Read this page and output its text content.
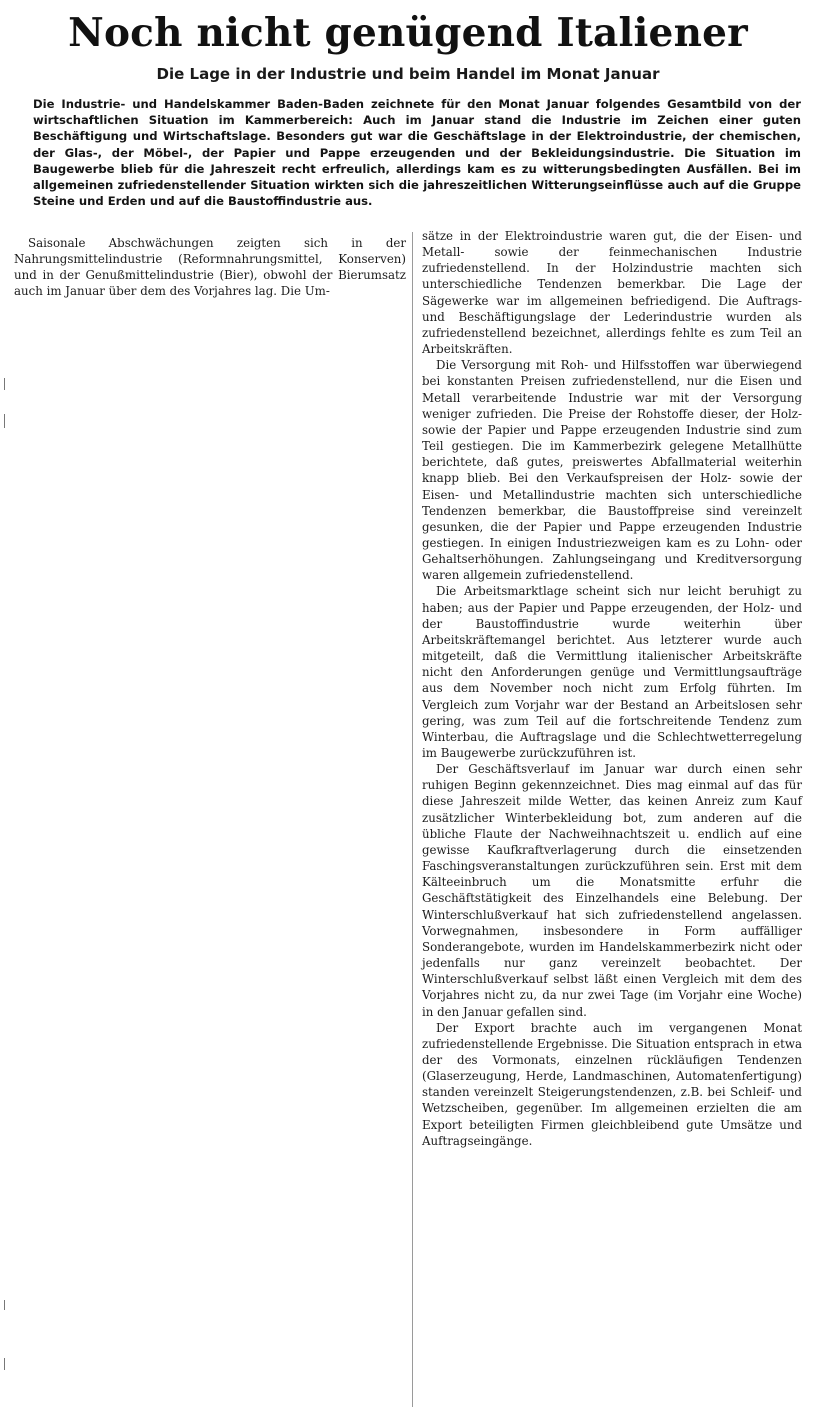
Noch nicht genügend Italiener
Die Lage in der Industrie und beim Handel im Monat Januar

Die Industrie- und Handelskammer Baden-Baden zeichnete für den Monat Januar folgendes Gesamtbild von der wirtschaftlichen Situation im Kammerbereich: Auch im Januar stand die Industrie im Zeichen einer guten Beschäftigung und Wirtschaftslage. Besonders gut war die Geschäftslage in der Elektroindustrie, der chemischen, der Glas-, der Möbel-, der Papier und Pappe erzeugenden und der Bekleidungsindustrie. Die Situation im Baugewerbe blieb für die Jahreszeit recht erfreulich, allerdings kam es zu witterungsbedingten Ausfällen. Bei im allgemeinen zufriedenstellender Situation wirkten sich die jahreszeitlichen Witterungseinflüsse auch auf die Gruppe Steine und Erden und auf die Baustoffindustrie aus.

Saisonale Abschwächungen zeigten sich in der Nahrungsmittelindustrie (Reformnahrungsmittel, Konserven) und in der Genußmittelindustrie (Bier), obwohl der Bierumsatz auch im Januar über dem des Vorjahres lag. Die Um-

sätze in der Elektroindustrie waren gut, die der Eisen- und Metall- sowie der feinmechanischen Industrie zufriedenstellend. In der Holzindustrie machten sich unterschiedliche Tendenzen bemerkbar. Die Lage der Sägewerke war im allgemeinen befriedigend. Die Auftrags- und Beschäftigungslage der Lederindustrie wurden als zufriedenstellend bezeichnet, allerdings fehlte es zum Teil an Arbeitskräften.

Die Versorgung mit Roh- und Hilfsstoffen war überwiegend bei konstanten Preisen zufriedenstellend, nur die Eisen und Metall verarbeitende Industrie war mit der Versorgung weniger zufrieden. Die Preise der Rohstoffe dieser, der Holz- sowie der Papier und Pappe erzeugenden Industrie sind zum Teil gestiegen. Die im Kammerbezirk gelegene Metallhütte berichtete, daß gutes, preiswertes Abfallmaterial weiterhin knapp blieb. Bei den Verkaufspreisen der Holz- sowie der Eisen- und Metallindustrie machten sich unterschiedliche Tendenzen bemerkbar, die Baustoffpreise sind vereinzelt gesunken, die der Papier und Pappe erzeugenden Industrie gestiegen. In einigen Industriezweigen kam es zu Lohn- oder Gehaltserhöhungen. Zahlungseingang und Kreditversorgung waren allgemein zufriedenstellend.

Die Arbeitsmarktlage scheint sich nur leicht beruhigt zu haben; aus der Papier und Pappe erzeugenden, der Holz- und der Baustoffindustrie wurde weiterhin über Arbeitskräftemangel berichtet. Aus letzterer wurde auch mitgeteilt, daß die Vermittlung italienischer Arbeitskräfte nicht den Anforderungen genüge und Vermittlungsaufträge aus dem November noch nicht zum Erfolg führten. Im Vergleich zum Vorjahr war der Bestand an Arbeitslosen sehr gering, was zum Teil auf die fortschreitende Tendenz zum Winterbau, die Auftragslage und die Schlechtwetterregelung im Baugewerbe zurückzuführen ist.

Der Geschäftsverlauf im Januar war durch einen sehr ruhigen Beginn gekennzeichnet. Dies mag einmal auf das für diese Jahreszeit milde Wetter, das keinen Anreiz zum Kauf zusätzlicher Winterbekleidung bot, zum anderen auf die übliche Flaute der Nachweihnachtszeit u. endlich auf eine gewisse Kaufkraftverlagerung durch die einsetzenden Faschingsveranstaltungen zurückzuführen sein. Erst mit dem Kälteeinbruch um die Monatsmitte erfuhr die Geschäftstätigkeit des Einzelhandels eine Belebung. Der Winterschlußverkauf hat sich zufriedenstellend angelassen. Vorwegnahmen, insbesondere in Form auffälliger Sonderangebote, wurden im Handelskammerbezirk nicht oder jedenfalls nur ganz vereinzelt beobachtet. Der Winterschlußverkauf selbst läßt einen Vergleich mit dem des Vorjahres nicht zu, da nur zwei Tage (im Vorjahr eine Woche) in den Januar gefallen sind.

Der Export brachte auch im vergangenen Monat zufriedenstellende Ergebnisse. Die Situation entsprach in etwa der des Vormonats, einzelnen rückläufigen Tendenzen (Glaserzeugung, Herde, Landmaschinen, Automatenfertigung) standen vereinzelt Steigerungstendenzen, z.B. bei Schleif- und Wetzscheiben, gegenüber. Im allgemeinen erzielten die am Export beteiligten Firmen gleichbleibend gute Umsätze und Auftragseingänge.
